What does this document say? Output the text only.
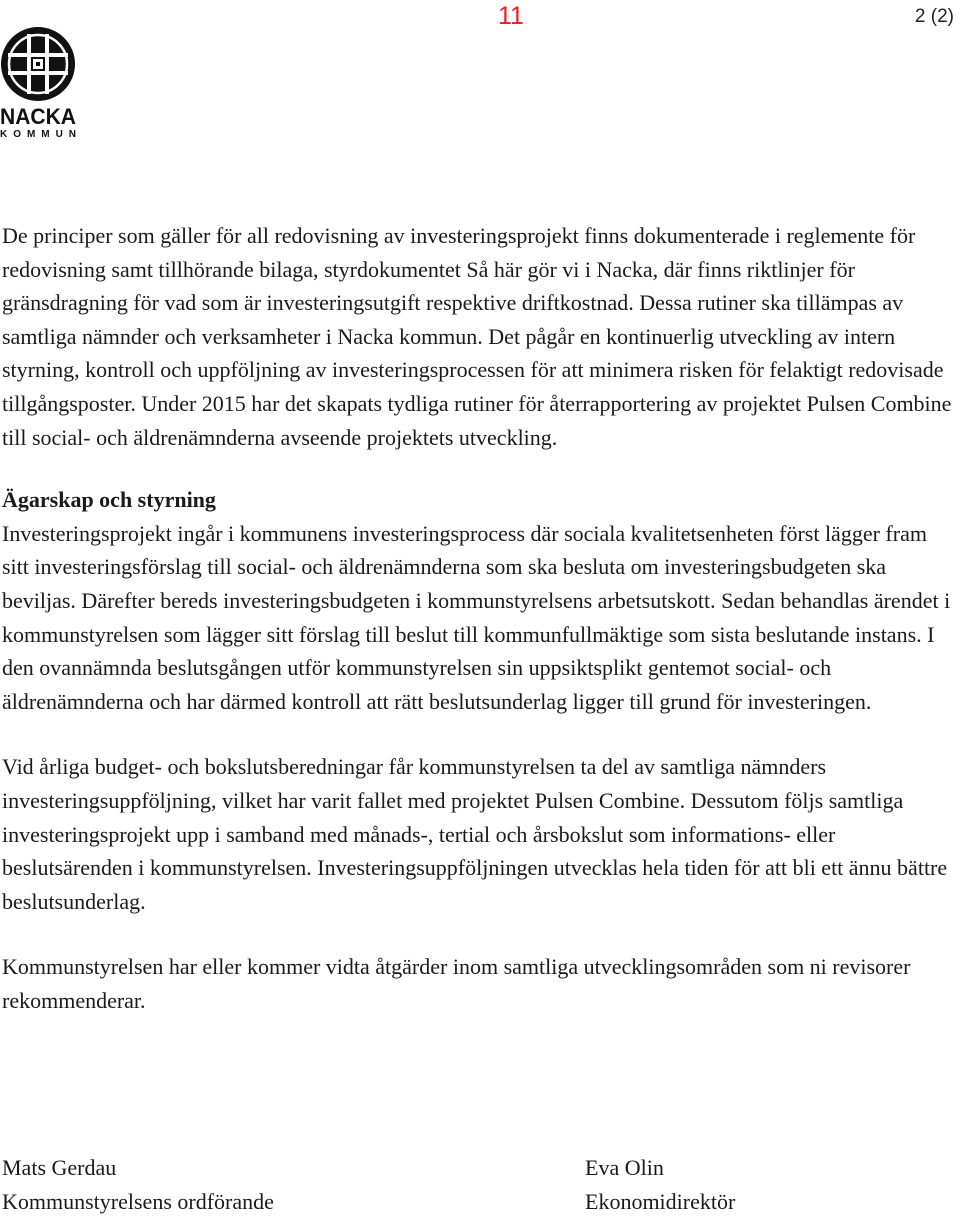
11	2 (2)
NACKA
KOMMUN

De principer som gäller för all redovisning av investeringsprojekt finns dokumenterade i reglemente för redovisning samt tillhörande bilaga, styrdokumentet Så här gör vi i Nacka, där finns riktlinjer för gränsdragning för vad som är investeringsutgift respektive driftkostnad. Dessa rutiner ska tillämpas av samtliga nämnder och verksamheter i Nacka kommun. Det pågår en kontinuerlig utveckling av intern styrning, kontroll och uppföljning av investeringsprocessen för att minimera risken för felaktigt redovisade tillgångsposter. Under 2015 har det skapats tydliga rutiner för återrapportering av projektet Pulsen Combine till social- och äldrenämnderna avseende projektets utveckling.

Ägarskap och styrning

Investeringsprojekt ingår i kommunens investeringsprocess där sociala kvalitetsenheten först lägger fram sitt investeringsförslag till social- och äldrenämnderna som ska besluta om investeringsbudgeten ska beviljas. Därefter bereds investeringsbudgeten i kommunstyrelsens arbetsutskott. Sedan behandlas ärendet i kommunstyrelsen som lägger sitt förslag till beslut till kommunfullmäktige som sista beslutande instans. I den ovannämnda beslutsgången utför kommunstyrelsen sin uppsiktsplikt gentemot social- och äldrenämnderna och har därmed kontroll att rätt beslutsunderlag ligger till grund för investeringen.

Vid årliga budget- och bokslutsberedningar får kommunstyrelsen ta del av samtliga nämnders investeringsuppföljning, vilket har varit fallet med projektet Pulsen Combine. Dessutom följs samtliga investeringsprojekt upp i samband med månads-, tertial och årsbokslut som informations- eller beslutsärenden i kommunstyrelsen. Investeringsuppföljningen utvecklas hela tiden för att bli ett ännu bättre beslutsunderlag.

Kommunstyrelsen har eller kommer vidta åtgärder inom samtliga utvecklingsområden som ni revisorer rekommenderar.

Mats Gerdau
Kommunstyrelsens ordförande
Eva Olin
Ekonomidirektör
